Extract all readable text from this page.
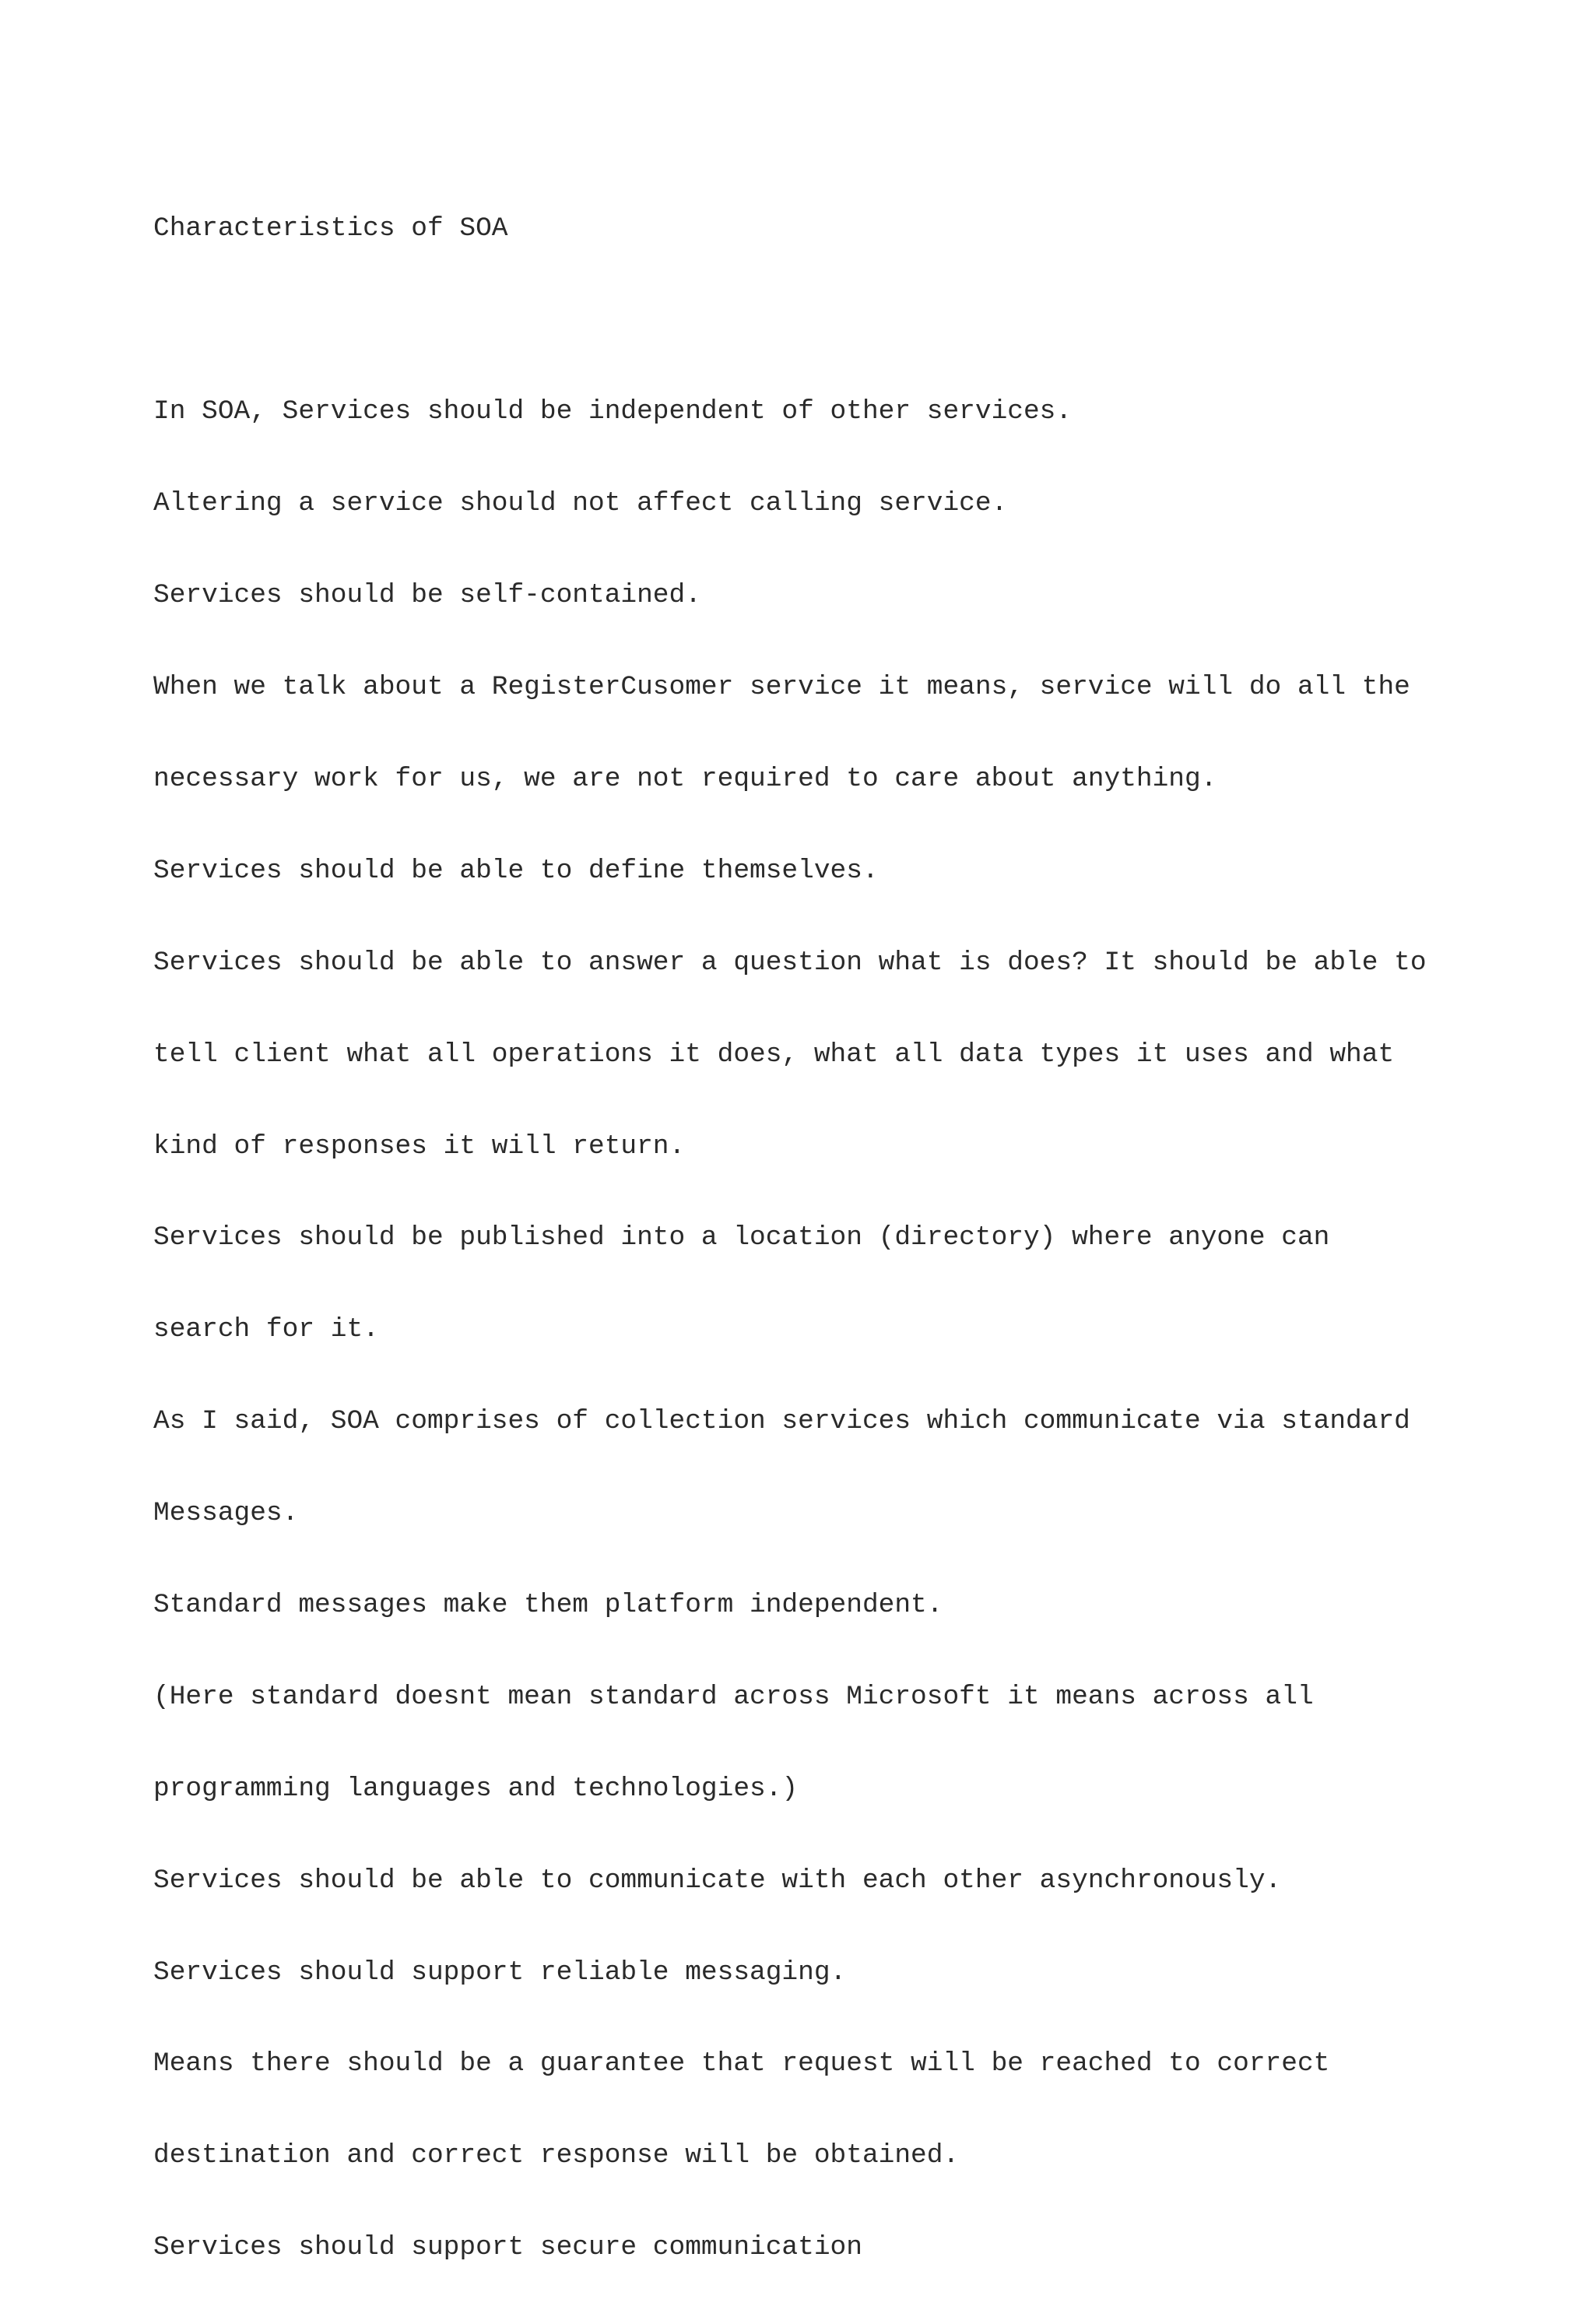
Characteristics of SOA

In SOA, Services should be independent of other services.

Altering a service should not affect calling service.

Services should be self-contained.

When we talk about a RegisterCusomer service it means, service will do all the

necessary work for us, we are not required to care about anything.

Services should be able to define themselves.

Services should be able to answer a question what is does? It should be able to

tell client what all operations it does, what all data types it uses and what

kind of responses it will return.

Services should be published into a location (directory) where anyone can

search for it.

As I said, SOA comprises of collection services which communicate via standard

Messages.

Standard messages make them platform independent.

(Here standard doesnt mean standard across Microsoft it means across all

programming languages and technologies.)

Services should be able to communicate with each other asynchronously.

Services should support reliable messaging.

Means there should be a guarantee that request will be reached to correct

destination and correct response will be obtained.

Services should support secure communication
